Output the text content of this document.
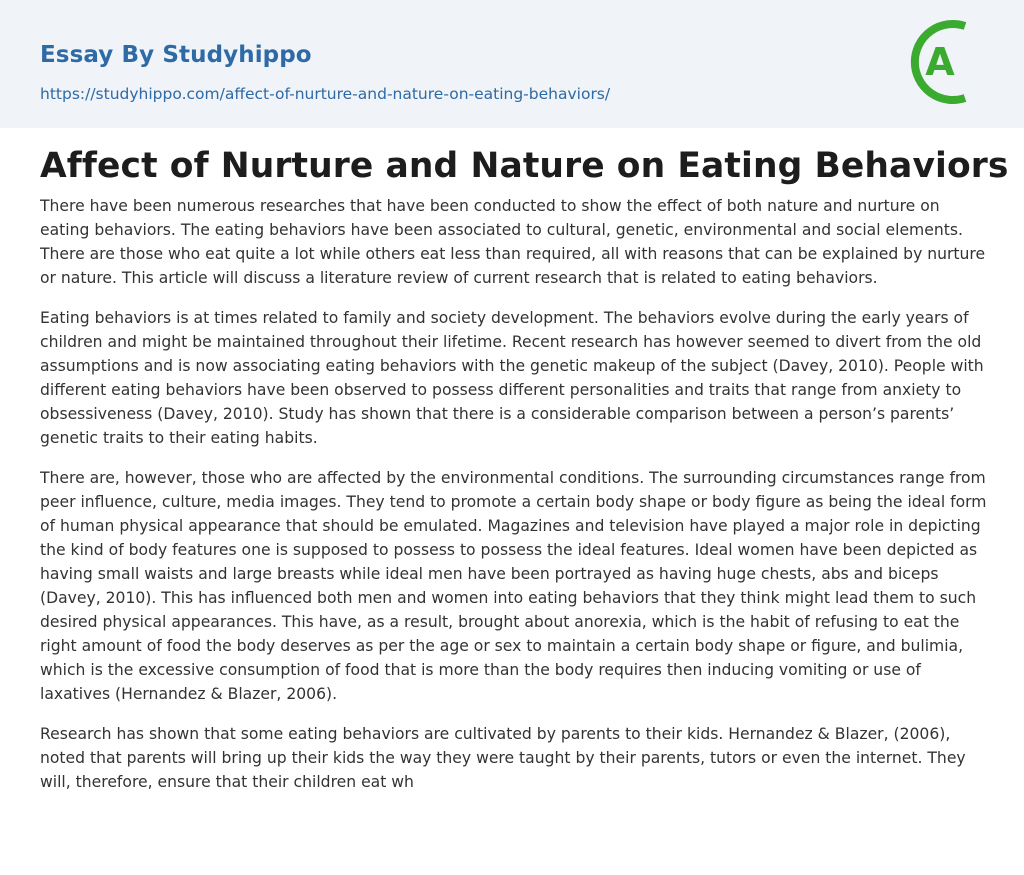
Essay By Studyhippo
https://studyhippo.com/affect-of-nurture-and-nature-on-eating-behaviors/
A
Affect of Nurture and Nature on Eating Behaviors

There have been numerous researches that have been conducted to show the effect of both nature and nurture on eating behaviors. The eating behaviors have been associated to cultural, genetic, environmental and social elements. There are those who eat quite a lot while others eat less than required, all with reasons that can be explained by nurture or nature. This article will discuss a literature review of current research that is related to eating behaviors.

Eating behaviors is at times related to family and society development. The behaviors evolve during the early years of children and might be maintained throughout their lifetime. Recent research has however seemed to divert from the old assumptions and is now associating eating behaviors with the genetic makeup of the subject (Davey, 2010). People with different eating behaviors have been observed to possess different personalities and traits that range from anxiety to obsessiveness (Davey, 2010). Study has shown that there is a considerable comparison between a person’s parents’ genetic traits to their eating habits.

There are, however, those who are affected by the environmental conditions. The surrounding circumstances range from peer influence, culture, media images. They tend to promote a certain body shape or body figure as being the ideal form of human physical appearance that should be emulated. Magazines and television have played a major role in depicting the kind of body features one is supposed to possess to possess the ideal features. Ideal women have been depicted as having small waists and large breasts while ideal men have been portrayed as having huge chests, abs and biceps (Davey, 2010). This has influenced both men and women into eating behaviors that they think might lead them to such desired physical appearances. This have, as a result, brought about anorexia, which is the habit of refusing to eat the right amount of food the body deserves as per the age or sex to maintain a certain body shape or figure, and bulimia, which is the excessive consumption of food that is more than the body requires then inducing vomiting or use of laxatives (Hernandez & Blazer, 2006).

Research has shown that some eating behaviors are cultivated by parents to their kids. Hernandez & Blazer, (2006), noted that parents will bring up their kids the way they were taught by their parents, tutors or even the internet. They will, therefore, ensure that their children eat wh
